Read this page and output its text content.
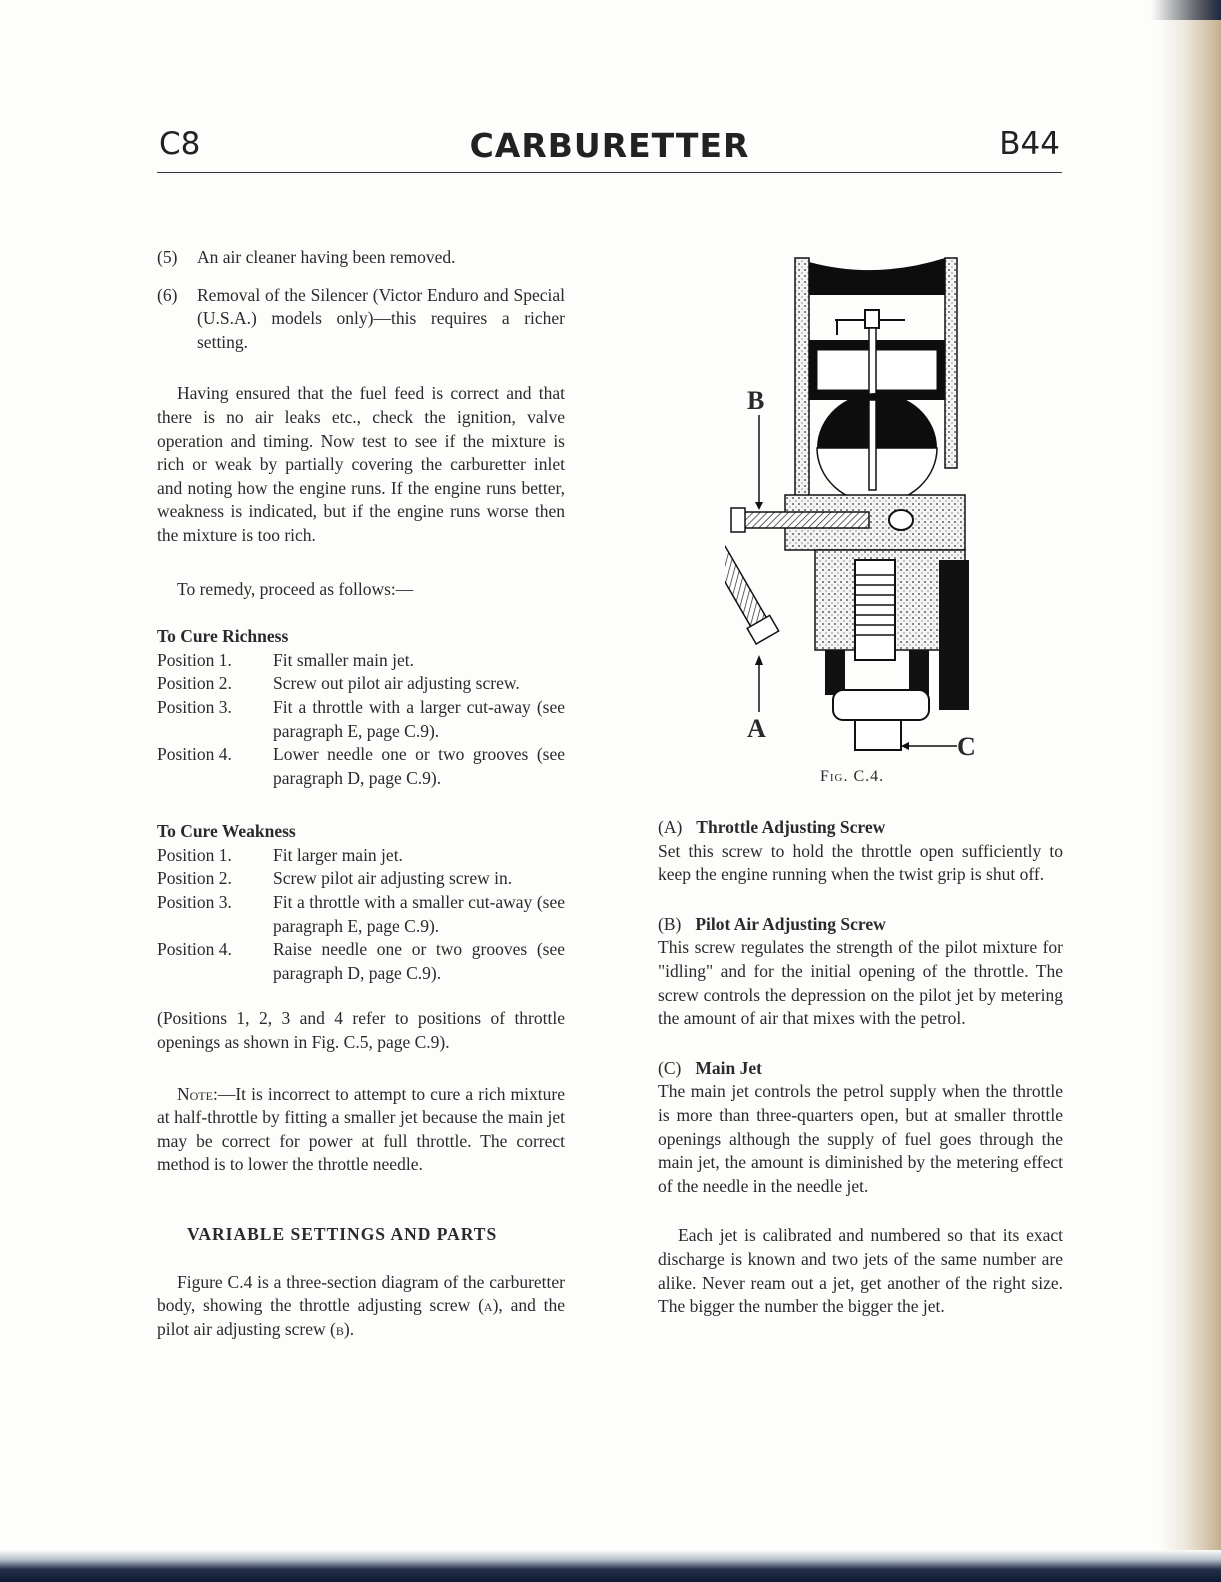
C8	CARBURETTER	B44
(5)	An air cleaner having been removed.
(6)	Removal of the Silencer (Victor Enduro and Special (U.S.A.) models only)—this requires a richer setting.

Having ensured that the fuel feed is correct and that there is no air leaks etc., check the ignition, valve operation and timing. Now test to see if the mixture is rich or weak by partially covering the carburetter inlet and noting how the engine runs. If the engine runs better, weakness is indicated, but if the engine runs worse then the mixture is too rich.

To remedy, proceed as follows:—

To Cure Richness

Position 1.	Fit smaller main jet.
Position 2.	Screw out pilot air adjusting screw.
Position 3.	Fit a throttle with a larger cut-away (see paragraph E, page C.9).
Position 4.	Lower needle one or two grooves (see paragraph D, page C.9).

To Cure Weakness

Position 1.	Fit larger main jet.
Position 2.	Screw pilot air adjusting screw in.
Position 3.	Fit a throttle with a smaller cut-away (see paragraph E, page C.9).
Position 4.	Raise needle one or two grooves (see paragraph D, page C.9).

(Positions 1, 2, 3 and 4 refer to positions of throttle openings as shown in Fig. C.5, page C.9).

Note:—It is incorrect to attempt to cure a rich mixture at half-throttle by fitting a smaller jet because the main jet may be correct for power at full throttle. The correct method is to lower the throttle needle.

VARIABLE SETTINGS AND PARTS

Figure C.4 is a three-section diagram of the carburetter body, showing the throttle adjusting screw (a), and the pilot air adjusting screw (b).

B
A
C
Fig. C.4.

(A) Throttle Adjusting Screw

Set this screw to hold the throttle open sufficiently to keep the engine running when the twist grip is shut off.

(B) Pilot Air Adjusting Screw

This screw regulates the strength of the pilot mixture for "idling" and for the initial opening of the throttle. The screw controls the depression on the pilot jet by metering the amount of air that mixes with the petrol.

(C) Main Jet

The main jet controls the petrol supply when the throttle is more than three-quarters open, but at smaller throttle openings although the supply of fuel goes through the main jet, the amount is diminished by the metering effect of the needle in the needle jet.

Each jet is calibrated and numbered so that its exact discharge is known and two jets of the same number are alike. Never ream out a jet, get another of the right size. The bigger the number the bigger the jet.
